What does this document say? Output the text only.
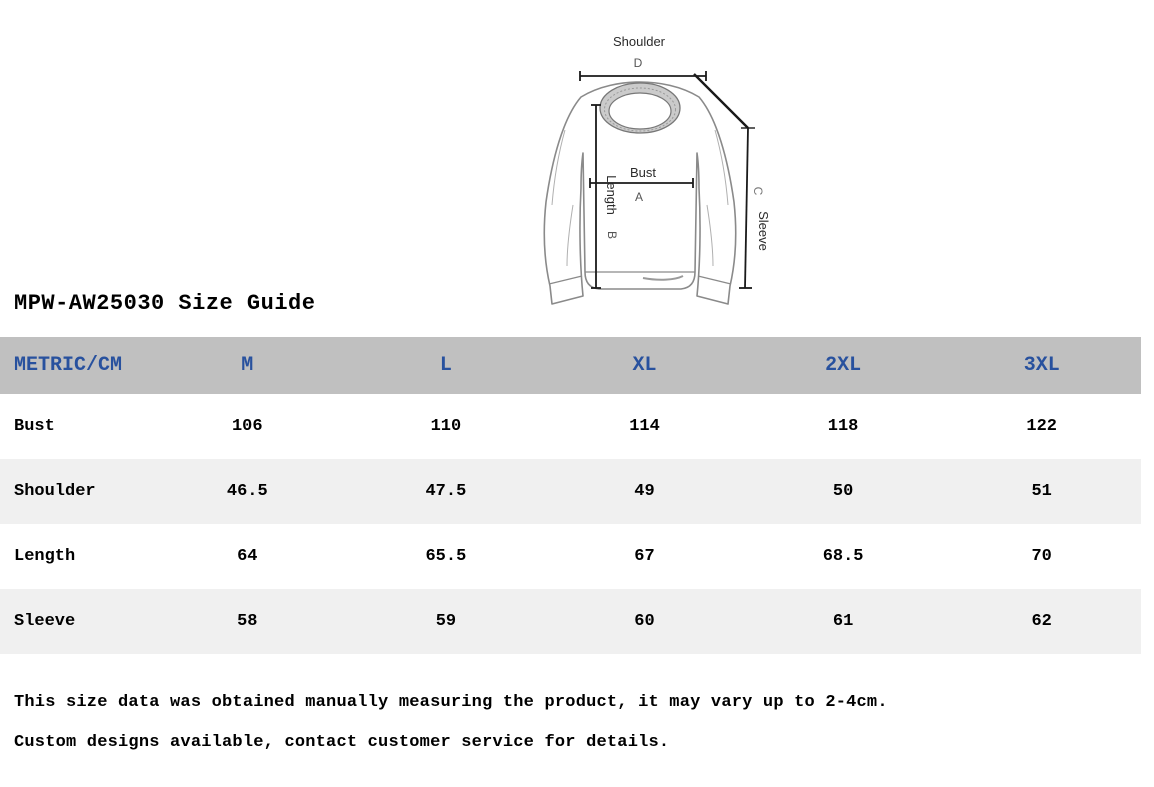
Shoulder
D
Bust
A
Length
B
C
Sleeve
MPW-AW25030 Size Guide
METRIC/CM	M	L	XL	2XL	3XL
Bust	106	110	114	118	122
Shoulder	46.5	47.5	49	50	51
Length	64	65.5	67	68.5	70
Sleeve	58	59	60	61	62

This size data was obtained manually measuring the product, it may vary up to 2-4cm.

Custom designs available, contact customer service for details.
